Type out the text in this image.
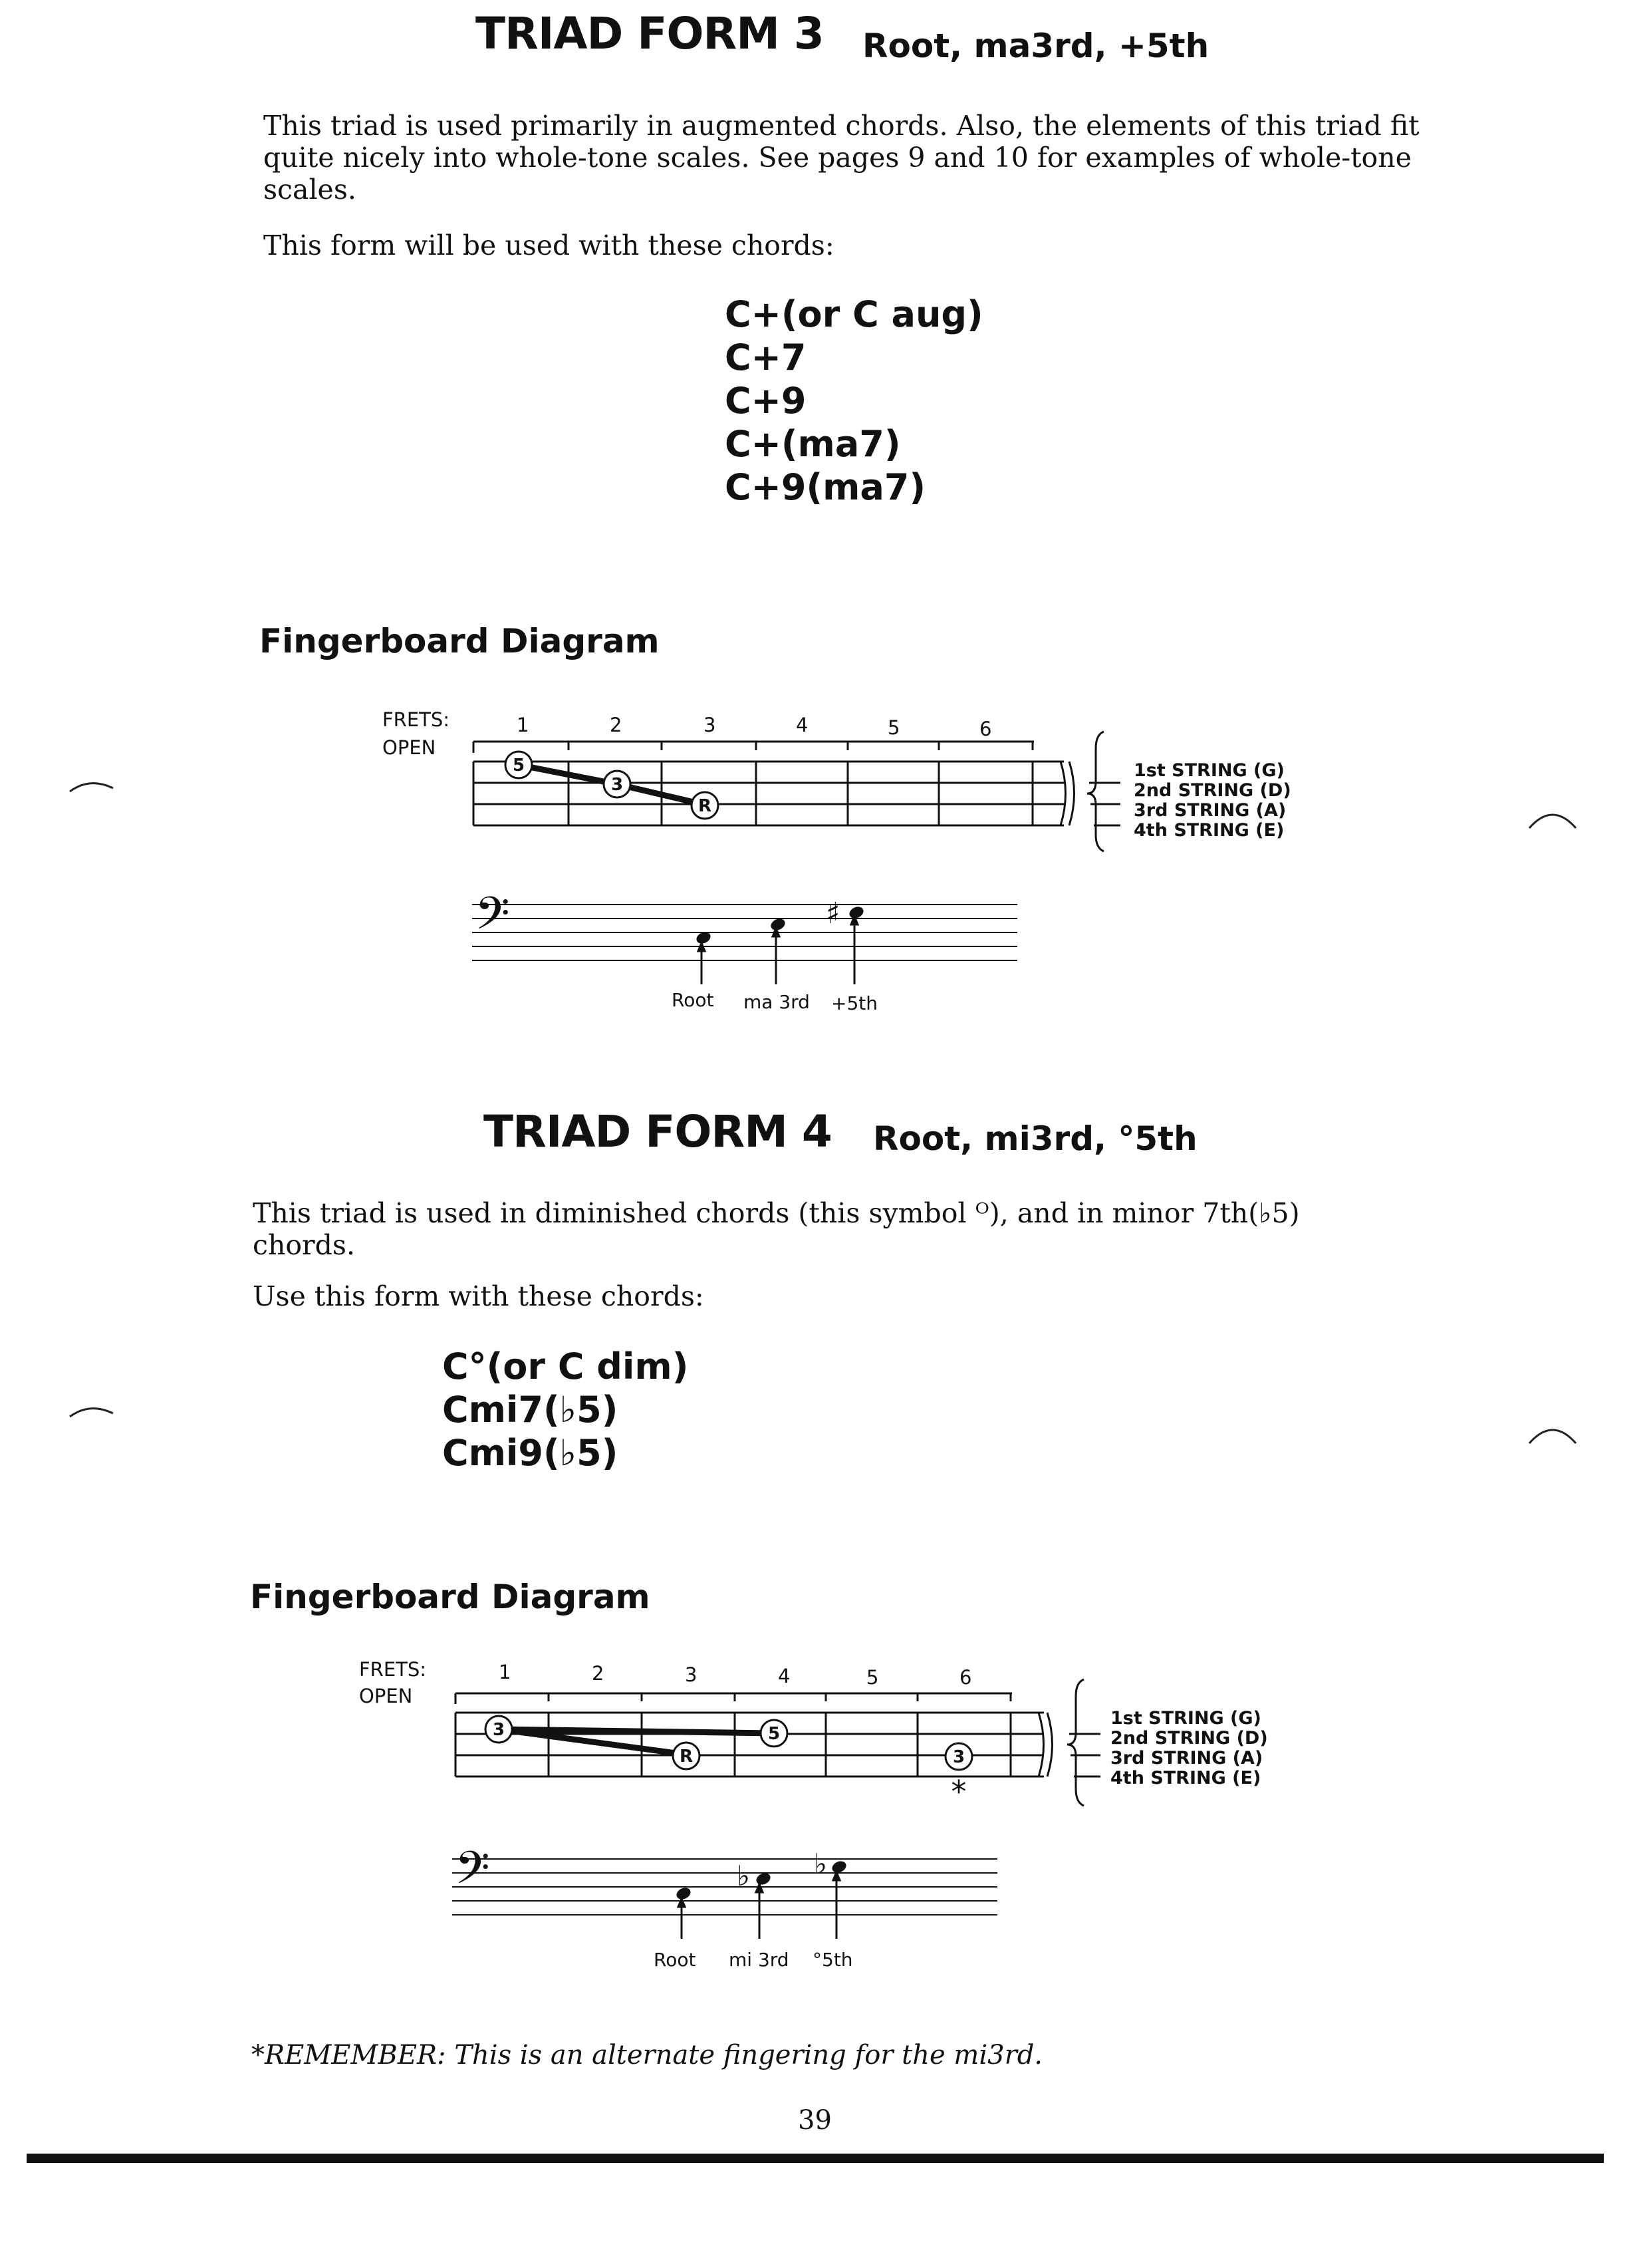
TRIAD FORM 3 Root, ma3rd, +5th
This triad is used primarily in augmented chords. Also, the elements of this triad fit quite nicely into whole-tone scales. See pages 9 and 10 for examples of whole-tone scales.
This form will be used with these chords:
C+(or C aug)
C+7
C+9
C+(ma7)
C+9(ma7)
Fingerboard Diagram
FRETS:
OPEN
1	2	3	4	5	6
5
3
R
1st STRING (G)
2nd STRING (D)
3rd STRING (A)
4th STRING (E)
𝄢	♯
Root ma 3rd +5th
TRIAD FORM 4 Root, mi3rd, °5th
This triad is used in diminished chords (this symbol ᴼ), and in minor 7th(♭5) chords.
Use this form with these chords:
C°(or C dim)
Cmi7(♭5)
Cmi9(♭5)
Fingerboard Diagram
FRETS:
OPEN
1	2	3	4	5	6
3
R
5
3
*
1st STRING (G)
2nd STRING (D)
3rd STRING (A)
4th STRING (E)
𝄢	♭ ♭
Root mi 3rd °5th
*REMEMBER: This is an alternate fingering for the mi3rd.
39
